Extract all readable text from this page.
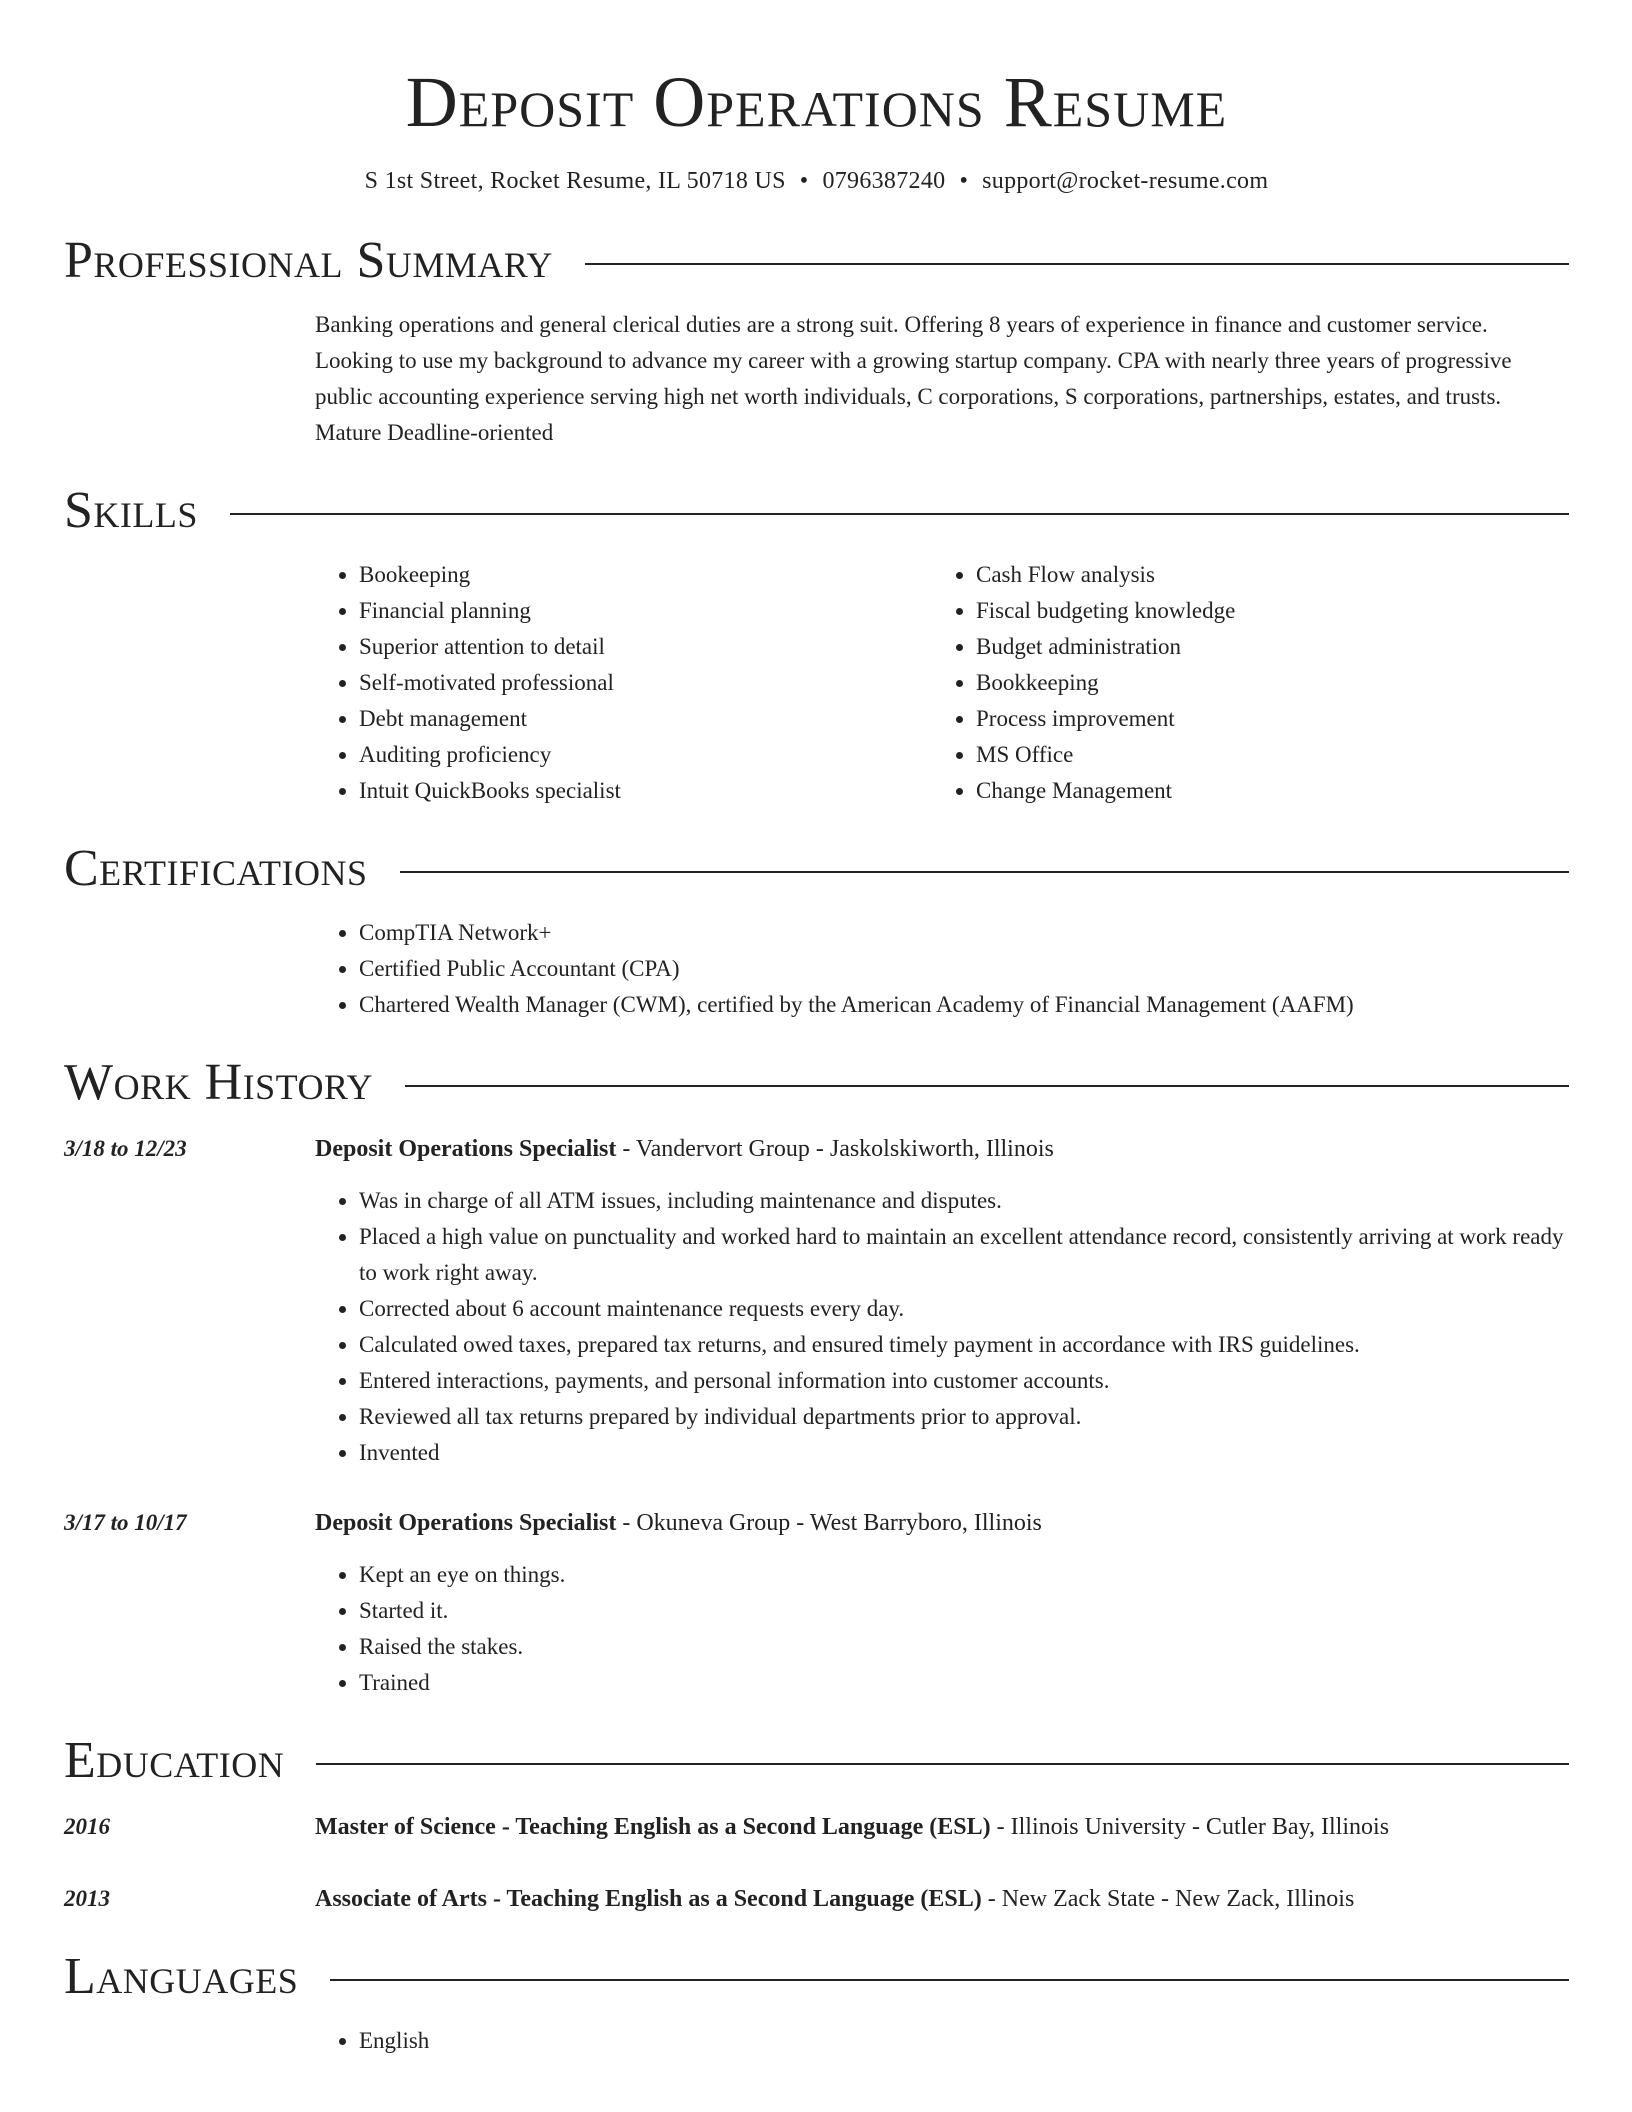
Deposit Operations Resume
S 1st Street, Rocket Resume, IL 50718 US • 0796387240 • support@rocket-resume.com
Professional Summary
Banking operations and general clerical duties are a strong suit. Offering 8 years of experience in finance and customer service. Looking to use my background to advance my career with a growing startup company. CPA with nearly three years of progressive public accounting experience serving high net worth individuals, C corporations, S corporations, partnerships, estates, and trusts. Mature Deadline-oriented
Skills
• Bookeeping
• Financial planning
• Superior attention to detail
• Self-motivated professional
• Debt management
• Auditing proficiency
• Intuit QuickBooks specialist
• Cash Flow analysis
• Fiscal budgeting knowledge
• Budget administration
• Bookkeeping
• Process improvement
• MS Office
• Change Management
Certifications
• CompTIA Network+
• Certified Public Accountant (CPA)
• Chartered Wealth Manager (CWM), certified by the American Academy of Financial Management (AAFM)
Work History
3/18 to 12/23	Deposit Operations Specialist - Vandervort Group - Jaskolskiworth, Illinois
• Was in charge of all ATM issues, including maintenance and disputes.
• Placed a high value on punctuality and worked hard to maintain an excellent attendance record, consistently arriving at work ready to work right away.
• Corrected about 6 account maintenance requests every day.
• Calculated owed taxes, prepared tax returns, and ensured timely payment in accordance with IRS guidelines.
• Entered interactions, payments, and personal information into customer accounts.
• Reviewed all tax returns prepared by individual departments prior to approval.
• Invented
3/17 to 10/17	Deposit Operations Specialist - Okuneva Group - West Barryboro, Illinois
• Kept an eye on things.
• Started it.
• Raised the stakes.
• Trained
Education
2016	Master of Science - Teaching English as a Second Language (ESL) - Illinois University - Cutler Bay, Illinois
2013	Associate of Arts - Teaching English as a Second Language (ESL) - New Zack State - New Zack, Illinois
Languages
• English
